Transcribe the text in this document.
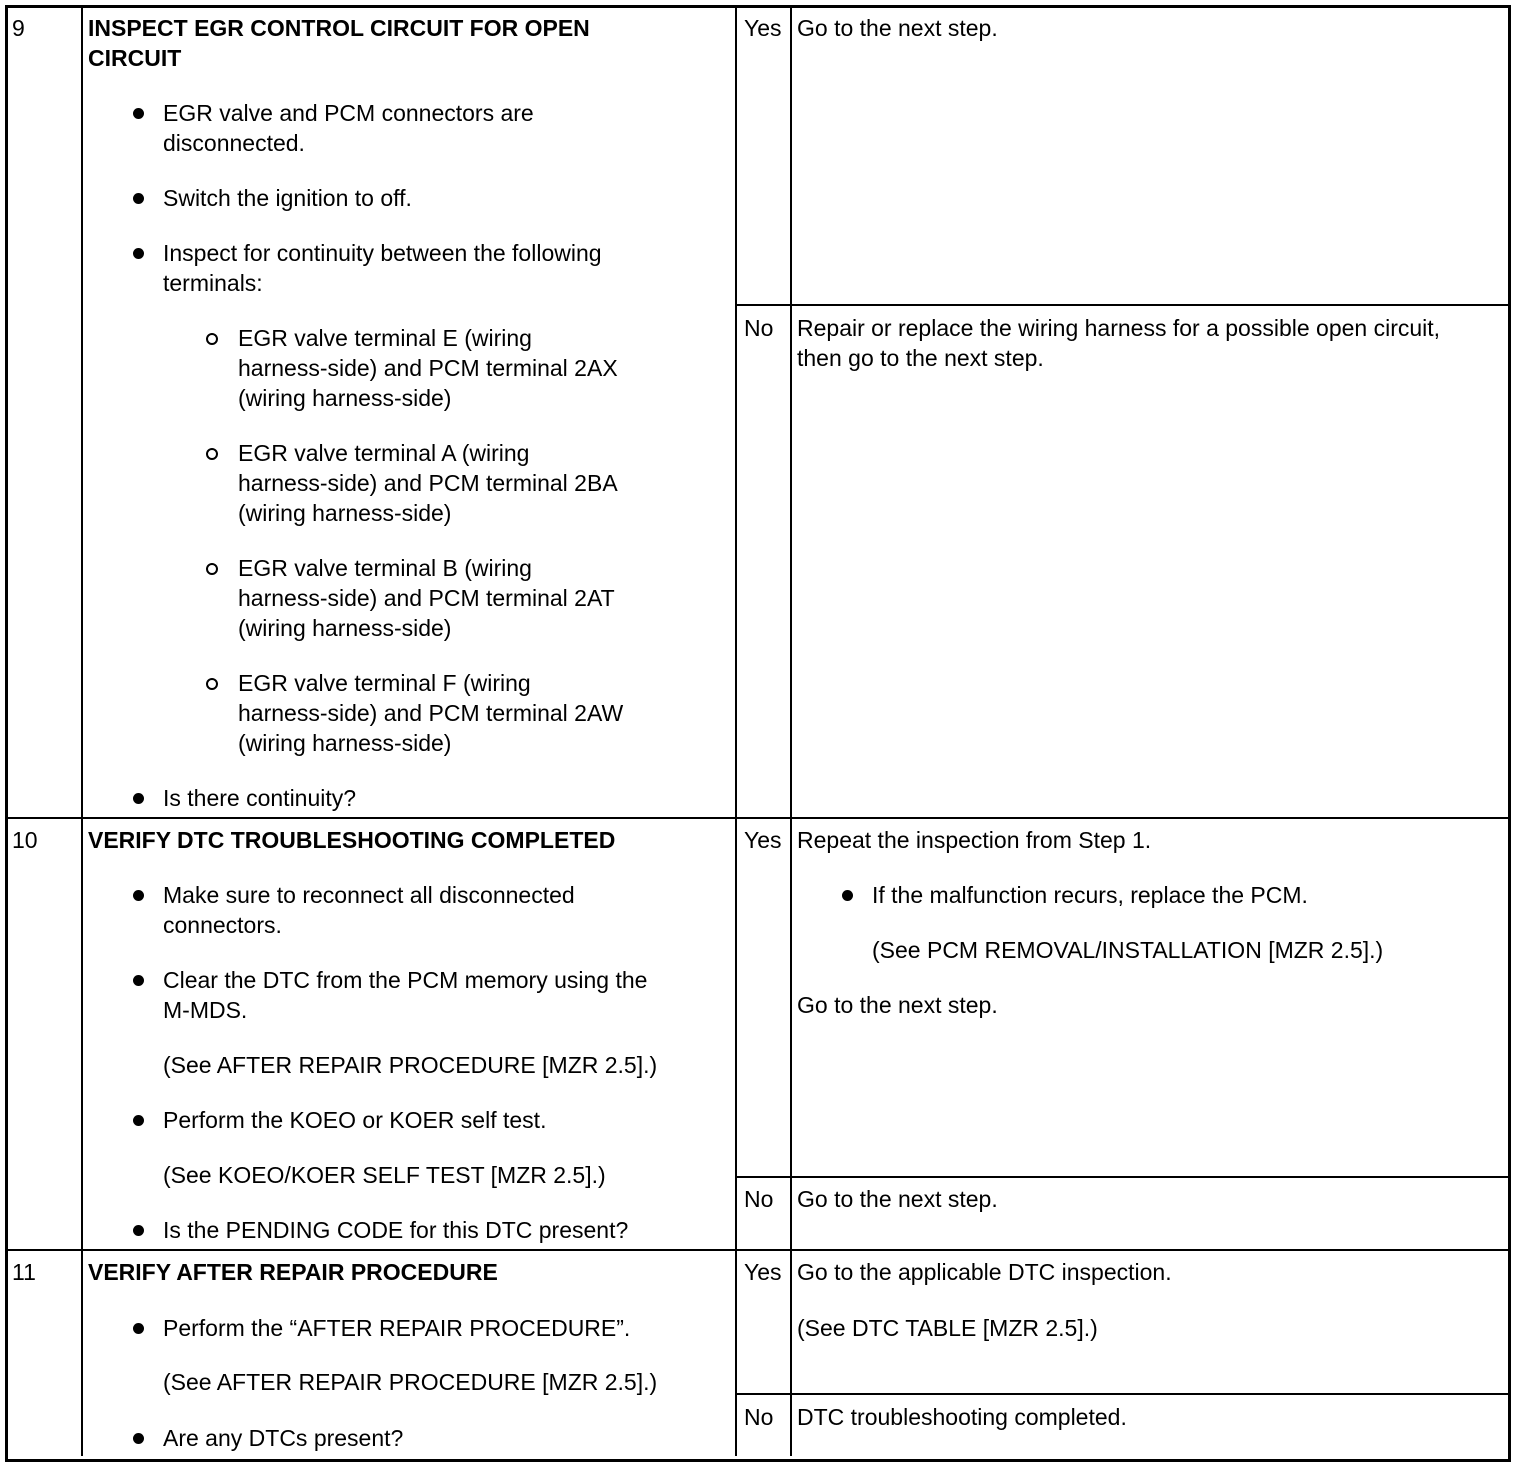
9	INSPECT EGR CONTROL CIRCUIT FOR OPEN
CIRCUIT
EGR valve and PCM connectors are
disconnected.
Switch the ignition to off.
Inspect for continuity between the following
terminals:
EGR valve terminal E (wiring
harness-side) and PCM terminal 2AX
(wiring harness-side)
EGR valve terminal A (wiring
harness-side) and PCM terminal 2BA
(wiring harness-side)
EGR valve terminal B (wiring
harness-side) and PCM terminal 2AT
(wiring harness-side)
EGR valve terminal F (wiring
harness-side) and PCM terminal 2AW
(wiring harness-side)
Is there continuity?
Yes Go to the next step.
No Repair or replace the wiring harness for a possible open circuit,
then go to the next step.
10 VERIFY DTC TROUBLESHOOTING COMPLETED
Make sure to reconnect all disconnected
connectors.
Clear the DTC from the PCM memory using the
M-MDS.
(See AFTER REPAIR PROCEDURE [MZR 2.5].)
Perform the KOEO or KOER self test.
(See KOEO/KOER SELF TEST [MZR 2.5].)
Is the PENDING CODE for this DTC present?
Yes Repeat the inspection from Step 1.
If the malfunction recurs, replace the PCM.
(See PCM REMOVAL/INSTALLATION [MZR 2.5].)
Go to the next step.
No Go to the next step.
11 VERIFY AFTER REPAIR PROCEDURE
Perform the “AFTER REPAIR PROCEDURE”.
(See AFTER REPAIR PROCEDURE [MZR 2.5].)
Are any DTCs present?
Yes Go to the applicable DTC inspection.
(See DTC TABLE [MZR 2.5].)
No DTC troubleshooting completed.
